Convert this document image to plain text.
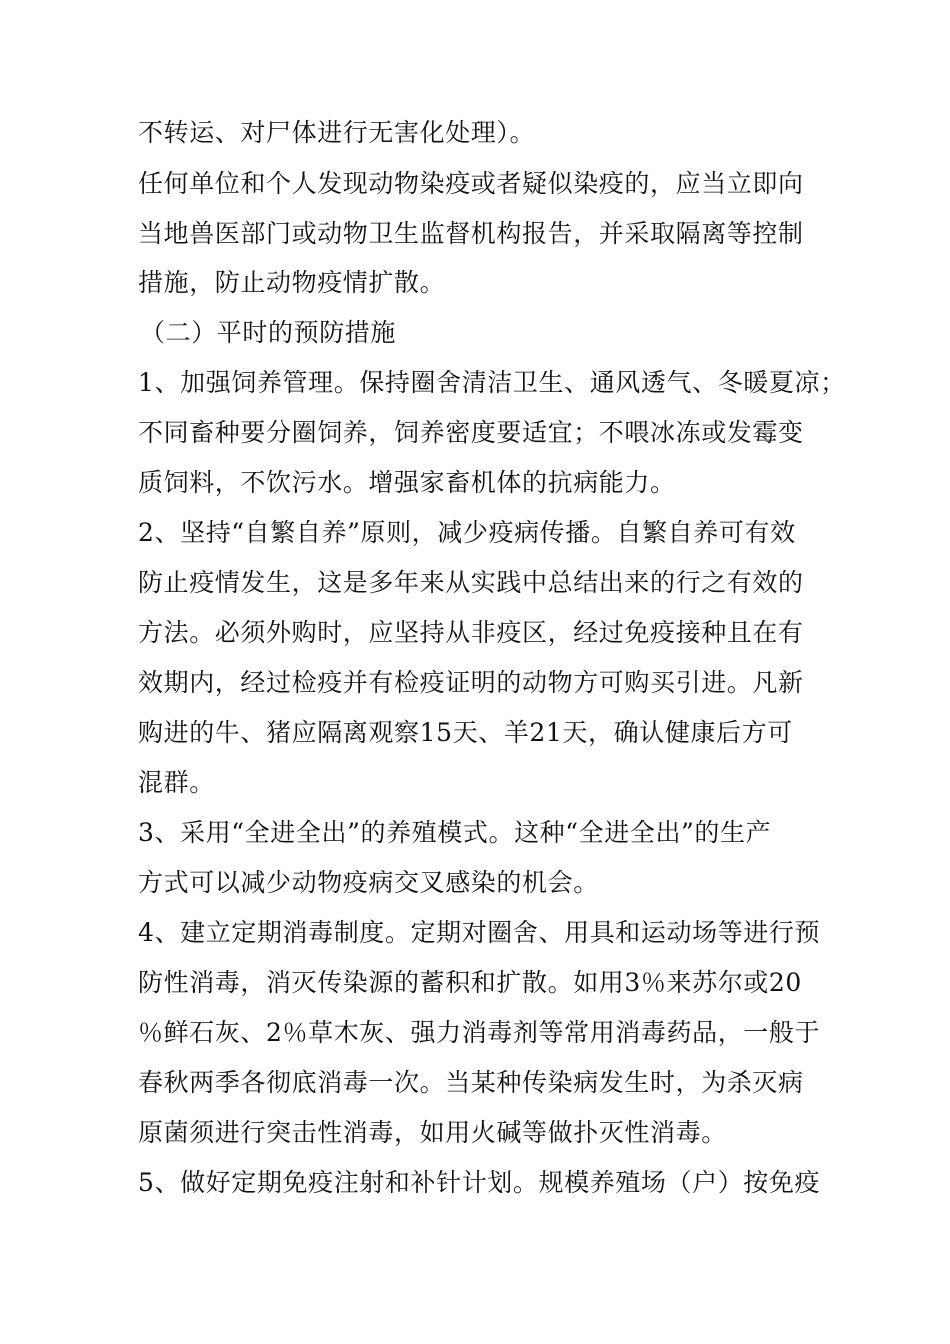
不转运、对尸体进行无害化处理）。
任何单位和个人发现动物染疫或者疑似染疫的，应当立即向
当地兽医部门或动物卫生监督机构报告，并采取隔离等控制
措施，防止动物疫情扩散。
（二）平时的预防措施
1、加强饲养管理。保持圈舍清洁卫生、通风透气、冬暖夏凉；
不同畜种要分圈饲养，饲养密度要适宜；不喂冰冻或发霉变
质饲料，不饮污水。增强家畜机体的抗病能力。
2、坚持“自繁自养”原则，减少疫病传播。自繁自养可有效
防止疫情发生，这是多年来从实践中总结出来的行之有效的
方法。必须外购时，应坚持从非疫区，经过免疫接种且在有
效期内，经过检疫并有检疫证明的动物方可购买引进。凡新
购进的牛、猪应隔离观察15天、羊21天，确认健康后方可
混群。
3、采用“全进全出”的养殖模式。这种“全进全出”的生产
方式可以减少动物疫病交叉感染的机会。
4、建立定期消毒制度。定期对圈舍、用具和运动场等进行预
防性消毒，消灭传染源的蓄积和扩散。如用3％来苏尔或20
％鲜石灰、2％草木灰、强力消毒剂等常用消毒药品，一般于
春秋两季各彻底消毒一次。当某种传染病发生时，为杀灭病
原菌须进行突击性消毒，如用火碱等做扑灭性消毒。
5、做好定期免疫注射和补针计划。规模养殖场（户）按免疫
